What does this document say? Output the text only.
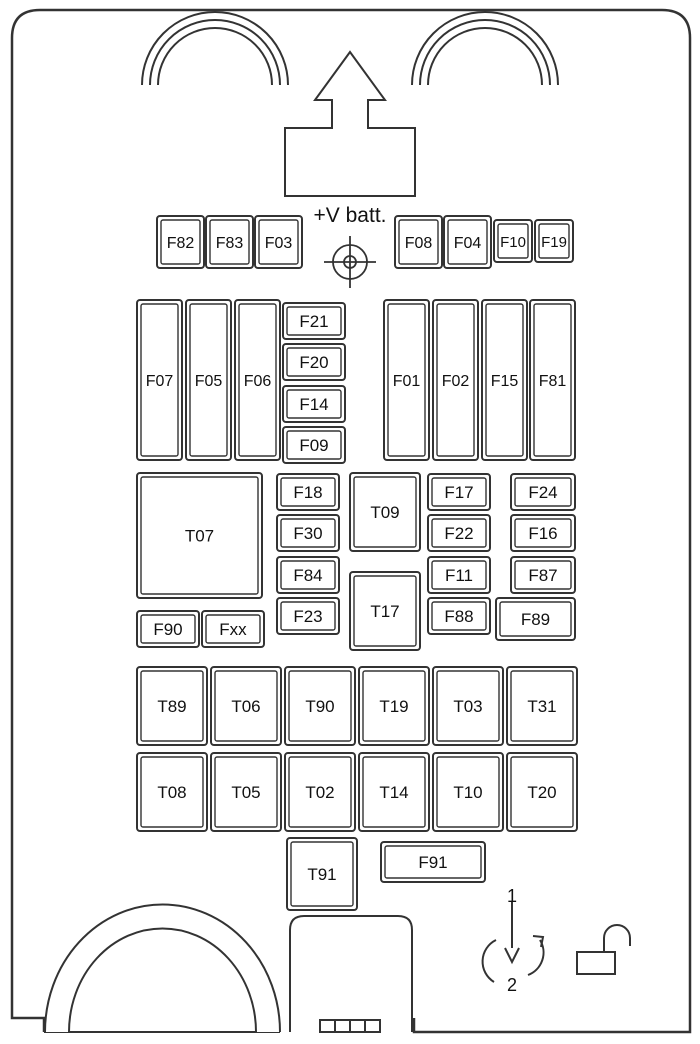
+V batt.
F82 F83 F03	F08 F04 F10 F19
F07 F05 F06
F21
F20
F14
F09
F01 F02 F15 F81
F18
F30
F84
F23
F17
F22
F11
F88
F24
F16
F87
F89
F90 Fxx
F91
T07
T09
T17
T89	T06	T90	T19	T03	T31
T08	T05	T02	T14	T10	T20
T91
1
2
